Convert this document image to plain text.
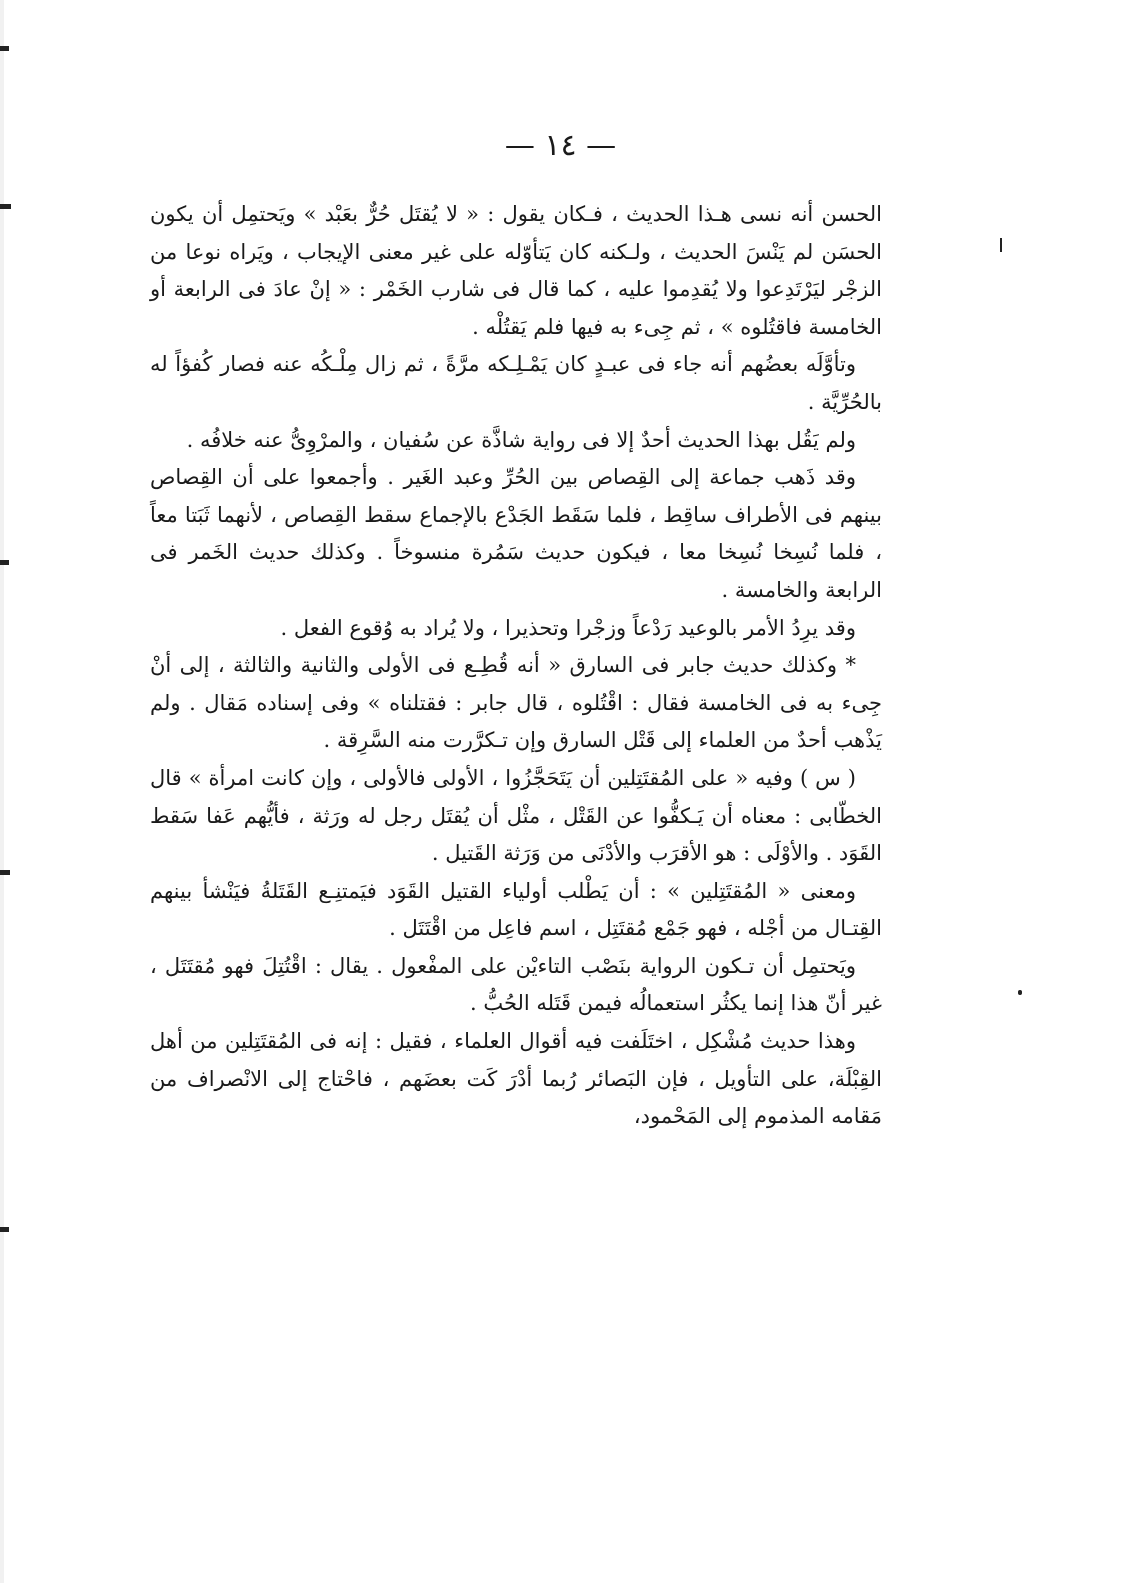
— ١٤ —

الحسن أنه نسى هـذا الحديث ، فـكان يقول : « لا يُقتَل حُرٌّ بعَبْد » ويَحتمِل أن يكون الحسَن لم يَنْسَ الحديث ، ولـكنه كان يَتأوّله على غير معنى الإيجاب ، ويَراه نوعا من الزجْر ليَرْتَدِعوا ولا يُقدِموا عليه ، كما قال فى شارب الخَمْر : « إنْ عادَ فى الرابعة أو الخامسة فاقتُلوه » ، ثم جِىء به فيها فلم يَقتُلْه .

وتأوَّلَه بعضُهم أنه جاء فى عبـدٍ كان يَمْـلِـكه مرَّةً ، ثم زال مِلْـكُه عنه فصار كُفؤاً له بالحُرِّيَّة .

ولم يَقُل بهذا الحديث أحدٌ إلا فى رواية شاذَّة عن سُفيان ، والمرْوِىُّ عنه خلافُه .

وقد ذَهب جماعة إلى القِصاص بين الحُرِّ وعبد الغَير . وأجمعوا على أن القِصاص بينهم فى الأطراف ساقِط ، فلما سَقَط الجَدْع بالإجماع سقط القِصاص ، لأنهما ثَبَتا معاً ، فلما نُسِخا نُسِخا معا ، فيكون حديث سَمُرة منسوخاً . وكذلك حديث الخَمر فى الرابعة والخامسة .

وقد يرِدُ الأمر بالوعيد رَدْعاً وزجْرا وتحذيرا ، ولا يُراد به وُقوع الفعل .

* وكذلك حديث جابر فى السارق « أنه قُطِـع فى الأولى والثانية والثالثة ، إلى أنْ جِىء به فى الخامسة فقال : اقْتُلوه ، قال جابر : فقتلناه » وفى إسناده مَقال . ولم يَذْهب أحدٌ من العلماء إلى قَتْل السارق وإن تـكرَّرت منه السَّرِقة .

( س ) وفيه « على المُقتَتِلين أن يَتَحَجَّزُوا ، الأولى فالأولى ، وإن كانت امرأة » قال الخطّابى : معناه أن يَـكفُّوا عن القَتْل ، مثْل أن يُقتَل رجل له ورَثة ، فأيُّهم عَفا سَقط القَوَد . والأوْلَى : هو الأقرَب والأدْنَى من وَرَثة القَتيل .

ومعنى « المُقتَتِلين » : أن يَطْلب أولياء القتيل القَوَد فيَمتنِـع القَتَلةُ فيَنْشأ بينهم القِتـال من أجْله ، فهو جَمْع مُقتَتِل ، اسم فاعِل من اقْتَتَل .

ويَحتمِل أن تـكون الرواية بنَصْب التاءيْن على المفْعول . يقال : اقْتُتِلَ فهو مُقتَتَل ، غير أنّ هذا إنما يكثُر استعمالُه فيمن قَتَله الحُبُّ .

وهذا حديث مُشْكِل ، اختَلَفت فيه أقوال العلماء ، فقيل : إنه فى المُقتَتِلين من أهل القِبْلَة، على التأويل ، فإن البَصائر رُبما أدْرَ كَت بعضَهم ، فاحْتاج إلى الانْصراف من مَقامه المذموم إلى المَحْمود،
